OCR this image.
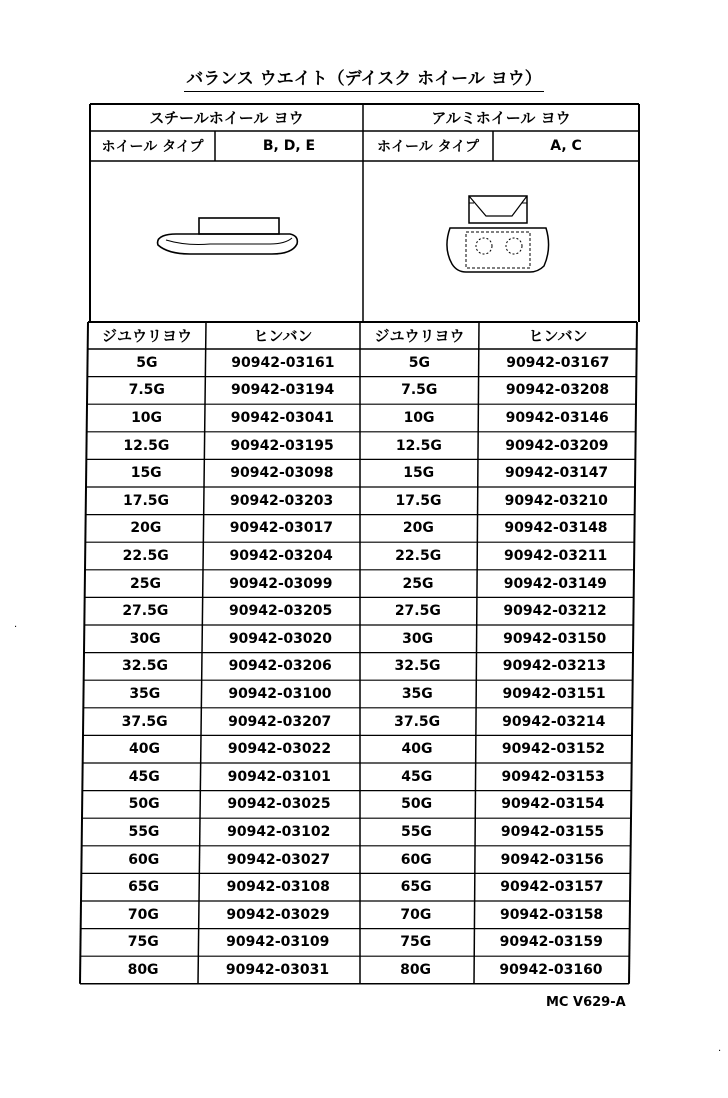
バランス ウエイト（デイスク ホイール ヨウ）
スチールホイール ヨウ	アルミホイール ヨウ
ホイール タイプ	B, D, E	ホイール タイプ	A, C
ジユウリヨウ	ヒンバン	ジユウリヨウ	ヒンバン
5G	90942-03161	5G	90942-03167
7.5G	90942-03194	7.5G	90942-03208
10G	90942-03041	10G	90942-03146
12.5G	90942-03195	12.5G	90942-03209
15G	90942-03098	15G	90942-03147
17.5G	90942-03203	17.5G	90942-03210
20G	90942-03017	20G	90942-03148
22.5G	90942-03204	22.5G	90942-03211
25G	90942-03099	25G	90942-03149
27.5G	90942-03205	27.5G	90942-03212
30G	90942-03020	30G	90942-03150
32.5G	90942-03206	32.5G	90942-03213
35G	90942-03100	35G	90942-03151
37.5G	90942-03207	37.5G	90942-03214
40G	90942-03022	40G	90942-03152
45G	90942-03101	45G	90942-03153
50G	90942-03025	50G	90942-03154
55G	90942-03102	55G	90942-03155
60G	90942-03027	60G	90942-03156
65G	90942-03108	65G	90942-03157
70G	90942-03029	70G	90942-03158
75G	90942-03109	75G	90942-03159
80G	90942-03031	80G	90942-03160
MC V629-A
·
·
